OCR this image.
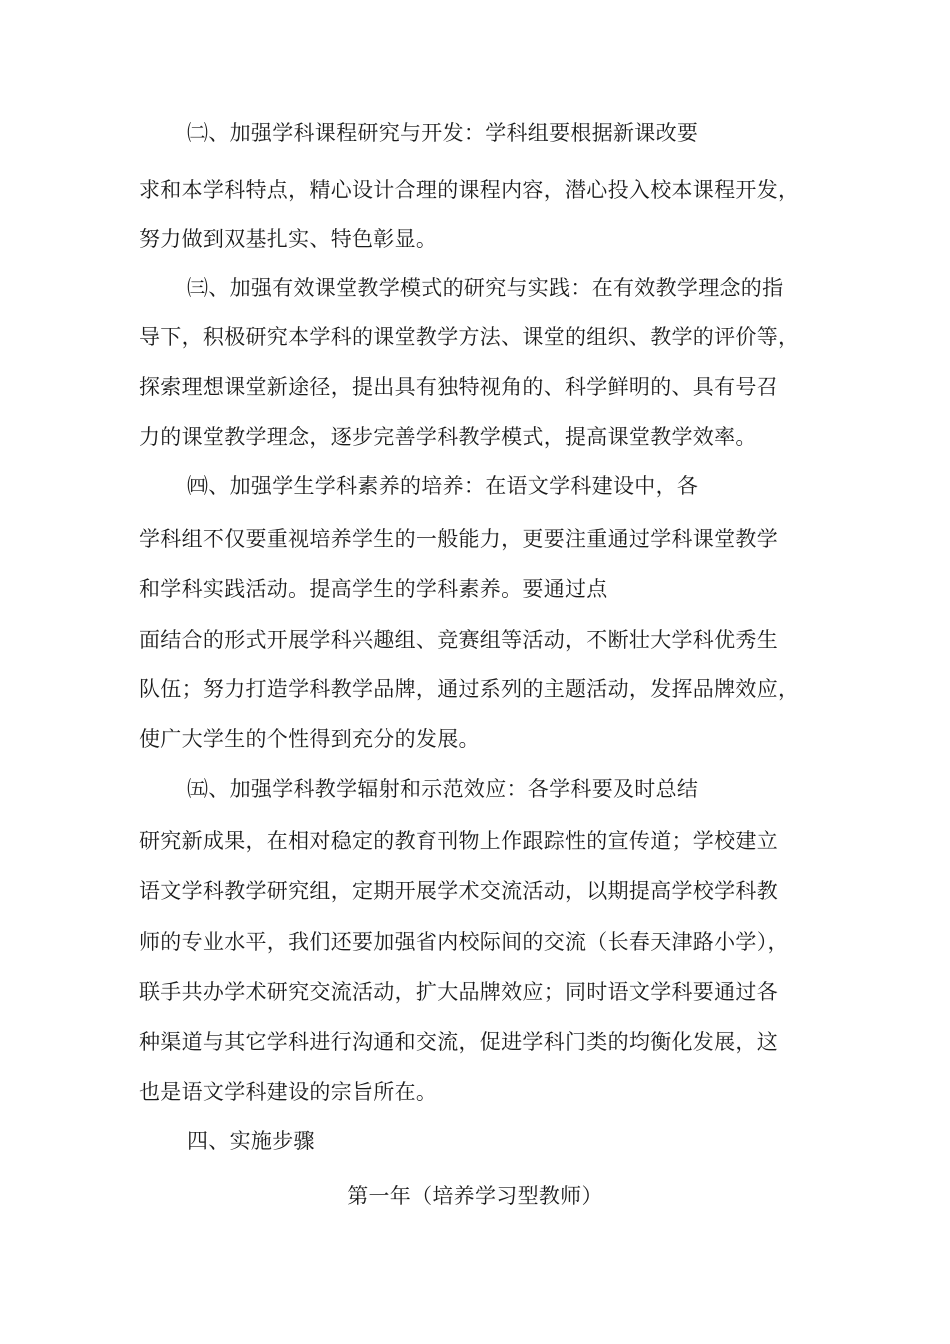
㈡、加强学科课程研究与开发：学科组要根据新课改要
求和本学科特点，精心设计合理的课程内容，潜心投入校本课程开发，
努力做到双基扎实、特色彰显。
㈢、加强有效课堂教学模式的研究与实践：在有效教学理念的指
导下，积极研究本学科的课堂教学方法、课堂的组织、教学的评价等，
探索理想课堂新途径，提出具有独特视角的、科学鲜明的、具有号召
力的课堂教学理念，逐步完善学科教学模式，提高课堂教学效率。
㈣、加强学生学科素养的培养：在语文学科建设中，各
学科组不仅要重视培养学生的一般能力，更要注重通过学科课堂教学
和学科实践活动。提高学生的学科素养。要通过点
面结合的形式开展学科兴趣组、竞赛组等活动，不断壮大学科优秀生
队伍；努力打造学科教学品牌，通过系列的主题活动，发挥品牌效应，
使广大学生的个性得到充分的发展。
㈤、加强学科教学辐射和示范效应：各学科要及时总结
研究新成果，在相对稳定的教育刊物上作跟踪性的宣传道；学校建立
语文学科教学研究组，定期开展学术交流活动，以期提高学校学科教
师的专业水平，我们还要加强省内校际间的交流（长春天津路小学），
联手共办学术研究交流活动，扩大品牌效应；同时语文学科要通过各
种渠道与其它学科进行沟通和交流，促进学科门类的均衡化发展，这
也是语文学科建设的宗旨所在。
四、实施步骤
第一年（培养学习型教师）
